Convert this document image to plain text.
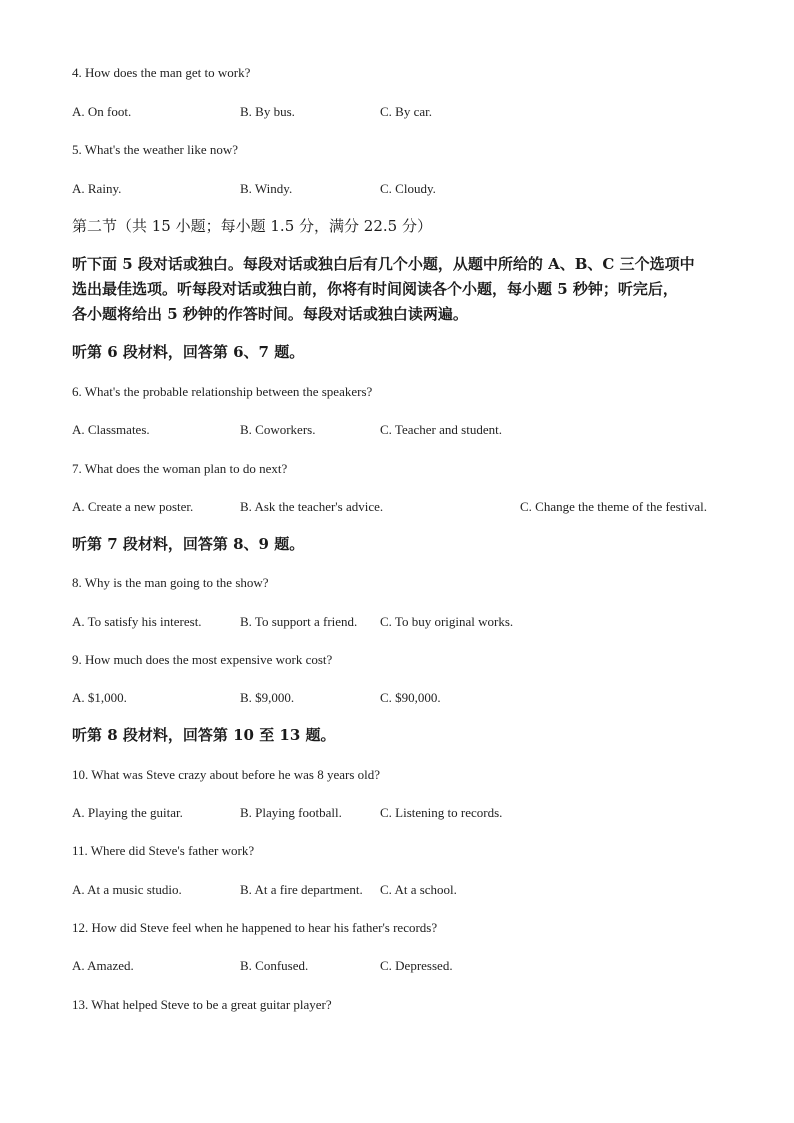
4. How does the man get to work?
A. On foot.	B. By bus.	C. By car.
5. What's the weather like now?
A. Rainy.	B. Windy.	C. Cloudy.
第二节（共 15 小题；每小题 1.5 分，满分 22.5 分）
听下面 5 段对话或独白。每段对话或独白后有几个小题，从题中所给的 A、B、C 三个选项中
选出最佳选项。听每段对话或独白前，你将有时间阅读各个小题，每小题 5 秒钟；听完后，
各小题将给出 5 秒钟的作答时间。每段对话或独白读两遍。
听第 6 段材料，回答第 6、7 题。
6. What's the probable relationship between the speakers?
A. Classmates.	B. Coworkers.	C. Teacher and student.
7. What does the woman plan to do next?
A. Create a new poster.	B. Ask the teacher's advice.	C. Change the theme of the festival.
听第 7 段材料，回答第 8、9 题。
8. Why is the man going to the show?
A. To satisfy his interest.	B. To support a friend. C. To buy original works.
9. How much does the most expensive work cost?
A. $1,000.	B. $9,000.	C. $90,000.
听第 8 段材料，回答第 10 至 13 题。
10. What was Steve crazy about before he was 8 years old?
A. Playing the guitar.	B. Playing football.	C. Listening to records.
11. Where did Steve's father work?
A. At a music studio.	B. At a fire department. C. At a school.
12. How did Steve feel when he happened to hear his father's records?
A. Amazed.	B. Confused.	C. Depressed.
13. What helped Steve to be a great guitar player?
